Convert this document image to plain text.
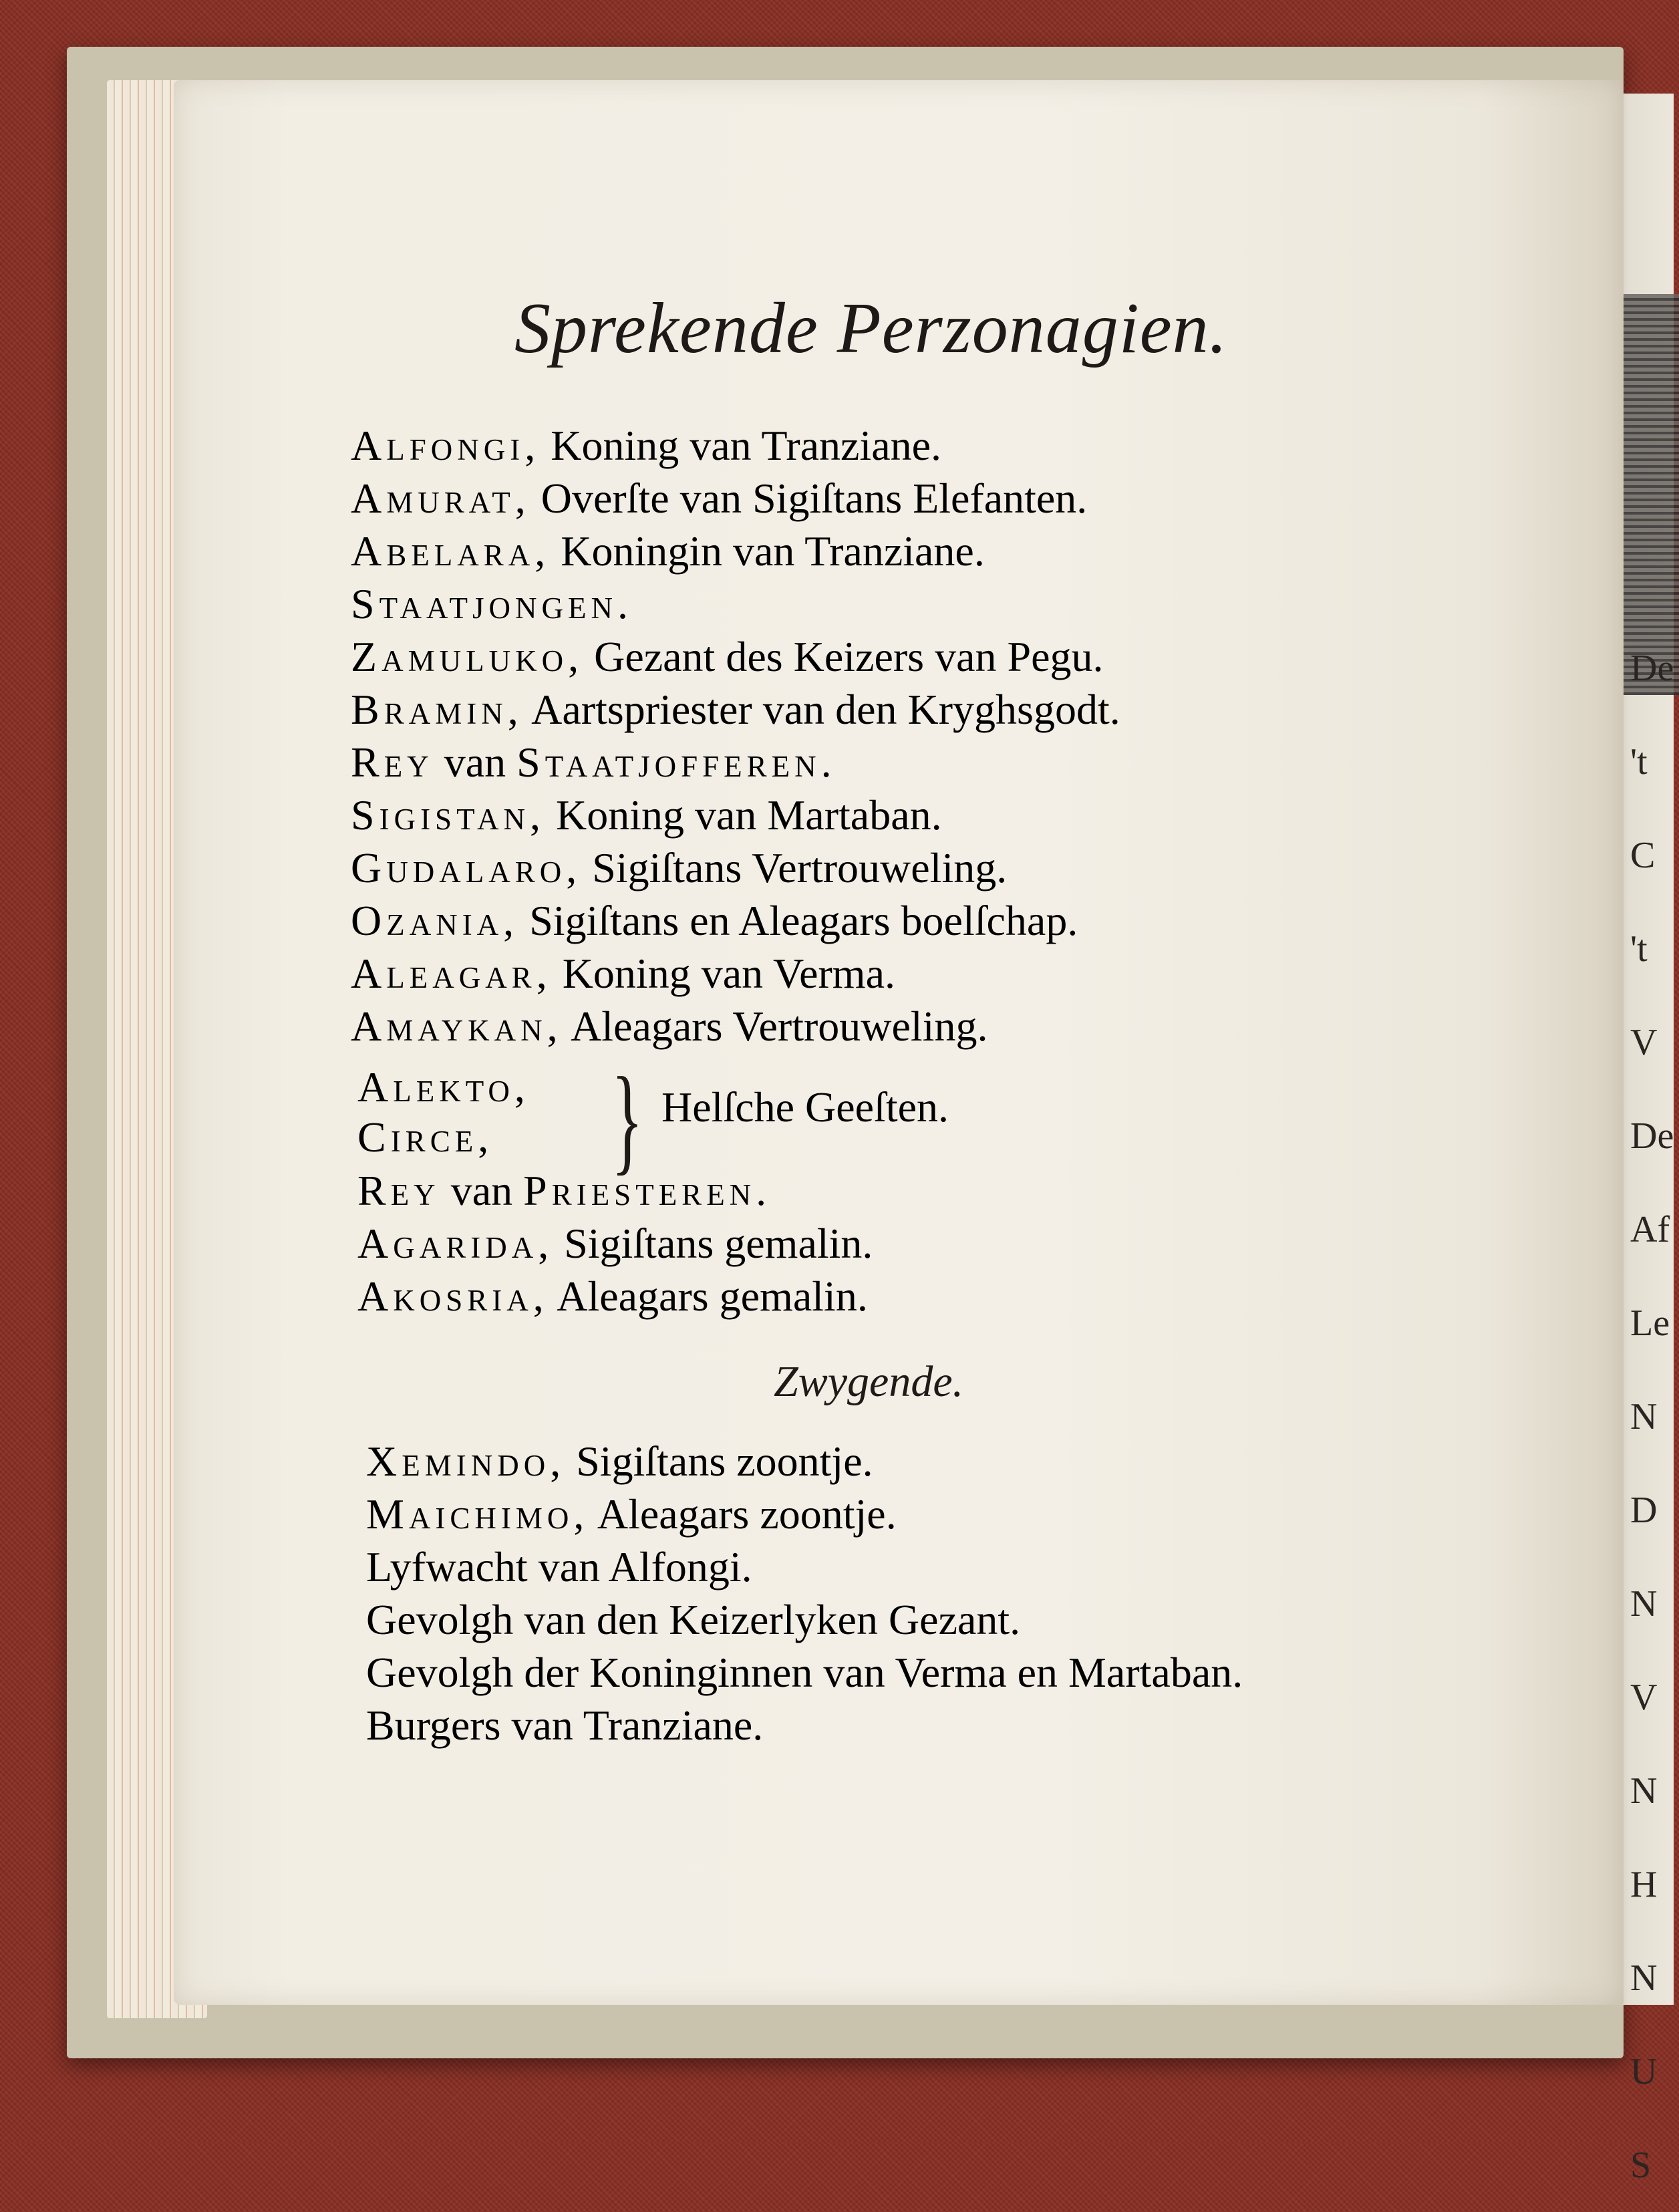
De
't C
't V
De
Af
Le
N
D
N
V
N
H
N
U
S
Sprekende Perzonagien.
Alfongi, Koning van Tranziane.
Amurat, Overſte van Sigiſtans Elefanten.
Abelara, Koningin van Tranziane.
Staatjongen.
Zamuluko, Gezant des Keizers van Pegu.
Bramin, Aartspriester van den Kryghsgodt.
Rey van Staatjofferen.
Sigistan, Koning van Martaban.
Gudalaro, Sigiſtans Vertrouweling.
Ozania, Sigiſtans en Aleagars boelſchap.
Aleagar, Koning van Verma.
Amaykan, Aleagars Vertrouweling.
Alekto,
Circe, } Helſche Geeſten.
Rey van Priesteren.
Agarida, Sigiſtans gemalin.
Akosria, Aleagars gemalin.
Zwygende.
Xemindo, Sigiſtans zoontje.
Maichimo, Aleagars zoontje.
Lyfwacht van Alfongi.
Gevolgh van den Keizerlyken Gezant.
Gevolgh der Koninginnen van Verma en Martaban.
Burgers van Tranziane.
